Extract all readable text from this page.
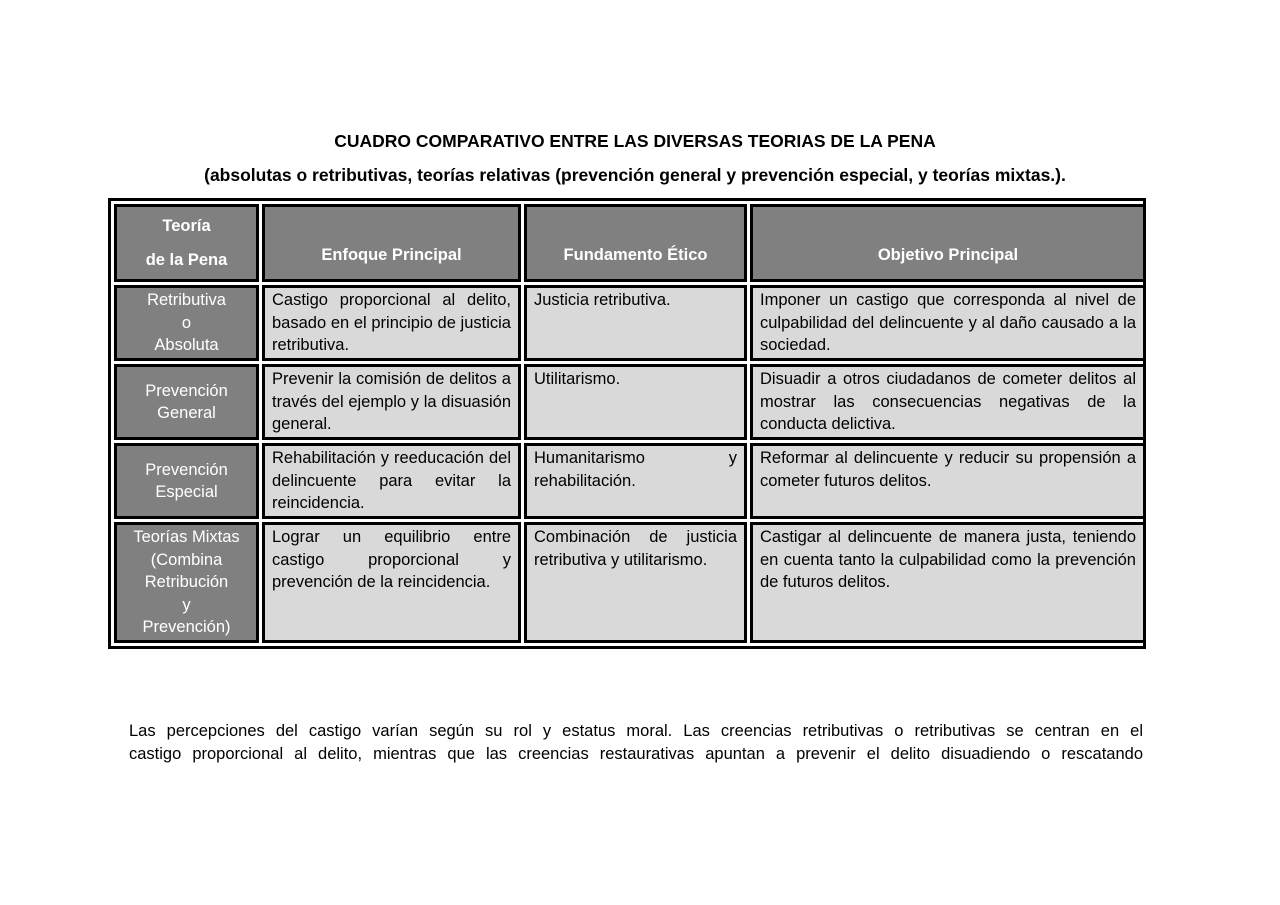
CUADRO COMPARATIVO ENTRE LAS DIVERSAS TEORIAS DE LA PENA
(absolutas o retributivas, teorías relativas (prevención general y prevención especial, y teorías mixtas.).
Teoría
de la Pena	Enfoque Principal	Fundamento Ético	Objetivo Principal

Retributiva
o
Absoluta	Castigo proporcional al delito, basado en el principio de justicia retributiva.	Justicia retributiva.	Imponer un castigo que corresponda al nivel de culpabilidad del delincuente y al daño causado a la sociedad.

Prevención
General	Prevenir la comisión de delitos a través del ejemplo y la disuasión general.	Utilitarismo.	Disuadir a otros ciudadanos de cometer delitos al mostrar las consecuencias negativas de la conducta delictiva.

Prevención
Especial	Rehabilitación y reeducación del delincuente para evitar la reincidencia.	Humanitarismo y rehabilitación.	Reformar al delincuente y reducir su propensión a cometer futuros delitos.

Teorías Mixtas
(Combina
Retribución
y
Prevención)	Lograr un equilibrio entre castigo proporcional y prevención de la reincidencia.	Combinación de justicia retributiva y utilitarismo.	Castigar al delincuente de manera justa, teniendo en cuenta tanto la culpabilidad como la prevención de futuros delitos.
Las percepciones del castigo varían según su rol y estatus moral. Las creencias retributivas o retributivas se centran en el
castigo proporcional al delito, mientras que las creencias restaurativas apuntan a prevenir el delito disuadiendo o rescatando
